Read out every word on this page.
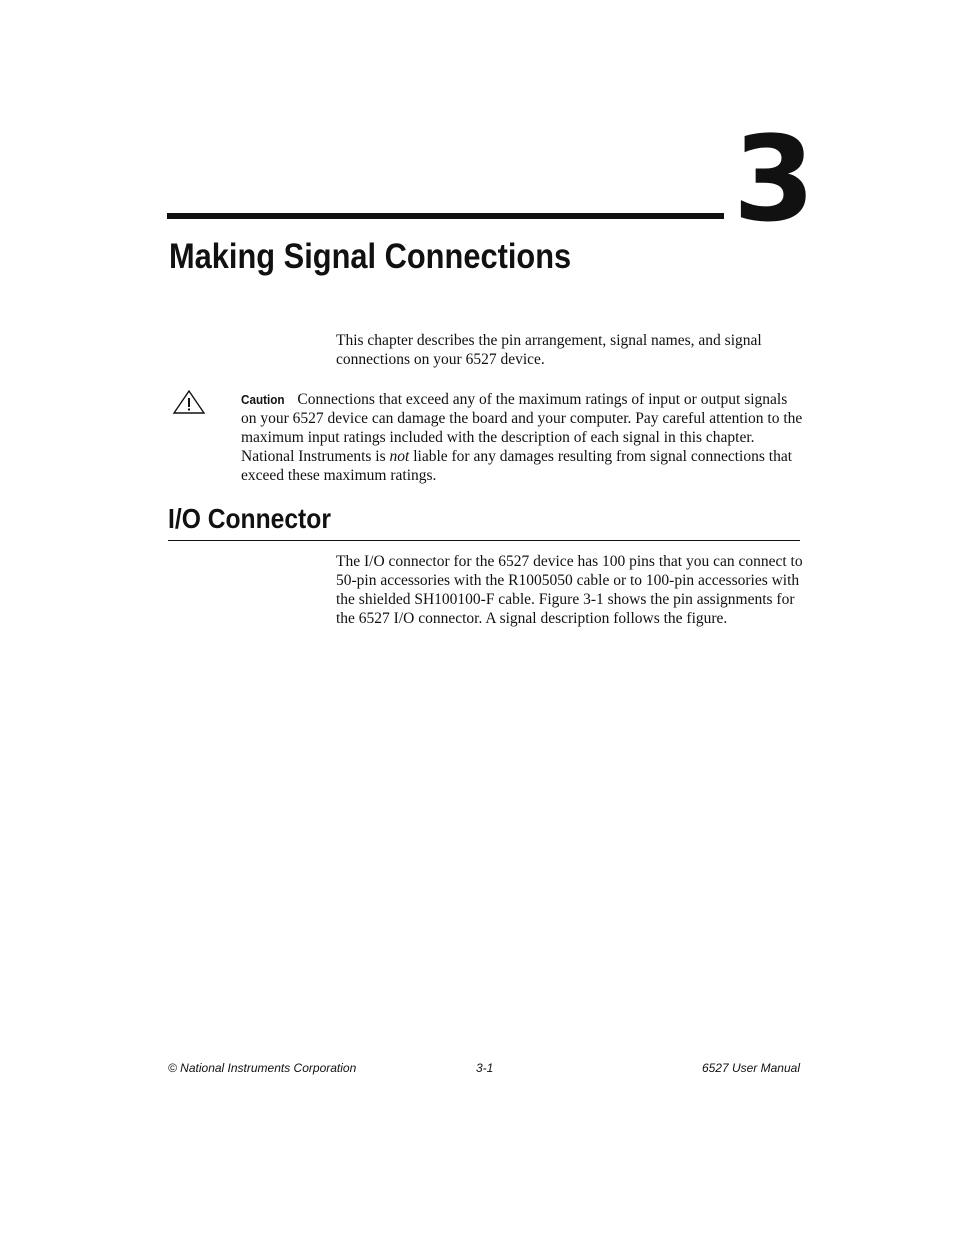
3
Making Signal Connections

This chapter describes the pin arrangement, signal names, and signal connections on your 6527 device.

Caution Connections that exceed any of the maximum ratings of input or output signals on your 6527 device can damage the board and your computer. Pay careful attention to the maximum input ratings included with the description of each signal in this chapter. National Instruments is not liable for any damages resulting from signal connections that exceed these maximum ratings.

I/O Connector

The I/O connector for the 6527 device has 100 pins that you can connect to 50-pin accessories with the R1005050 cable or to 100-pin accessories with the shielded SH100100-F cable. Figure 3-1 shows the pin assignments for the 6527 I/O connector. A signal description follows the figure.

© National Instruments Corporation	3-1	6527 User Manual
